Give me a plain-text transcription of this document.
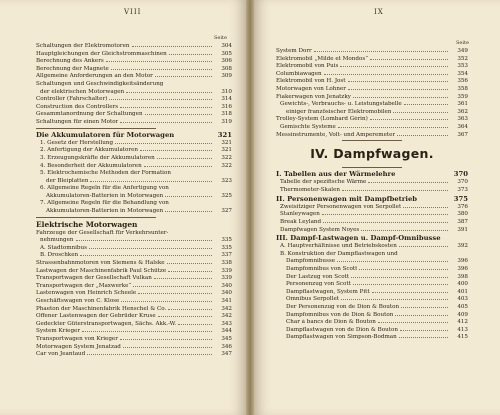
VIII
Seite
Schaltungen der Elektromotoren	304
Hauptgleichungen der Gleichstrommaschinen	305
Berechnung des Ankers	306
Berechnung der Magnete	308
Allgemeine Anforderungen an den Motor	309
Schaltungen und Geschwindigkeitsänderung
der elektrischen Motorwagen	310
Controller (Fahrschalter)	314
Construction des Controllers	316
Gesammtanordnung der Schaltungen	318
Schaltungen für einen Motor	319
Die Akkumulatoren für Motorwagen	321
1. Gesetz der Herstellung	321
2. Anfertigung der Akkumulatoren	321
3. Erzeugungskräfte der Akkumulatoren	322
4. Besonderheit der Akkumulatoren	322
5. Elektrochemische Methoden der Formation
der Bleiplatten	323
6. Allgemeine Regeln für die Anfertigung von
Akkumulatoren-Batterien in Motorwagen	325
7. Allgemeine Regeln für die Behandlung von
Akkumulatoren-Batterien in Motorwagen	327
Elektrische Motorwagen
Fahrzeuge der Gesellschaft für Verkehrsunter-
nehmungen	335
A. Stadtomnibus	335
B. Droschken	337
Strassenbahnmotoren von Siemens & Halske	338
Lastwagen der Maschinenfabrik Paul Schütze	339
Transportwagen der Gesellschaft Vulkan	339
Transportwagen der „Maxwerke“	340
Lastenwagen von Heinrich Scheele	340
Geschäftswagen von C. Klose	341
Phaeton der Maschinenfabrik Henschel & Co.	342
Offener Lastenwagen der Gebrüder Kruse	342
Gedeckter Güterstransportwagen, Sächs. Akk.-W.	343
System Krieger	344
Transportwagen von Krieger	345
Motorwagen System Jenatzad	346
Car von Jeantaud	347
IX
Seite
System Dorr	349
Elektromobil „Milde et Mondos“	352
Elektromobil von Puis	353
Columbiawagen	354
Elektromobil von H. Jost	356
Motorwagen von Lohner	358
Fiakerwagen von Jenatzky	359
Gewichts-, Verbrauchs- u. Leistungstabelle	361
einiger französischer Elektromobilen	362
Trolley-System (Lombard Gérin)	363
Gemischte Systeme	364
Messinstrumente, Volt- und Amperemeter	367
IV. Dampfwagen.
I. Tabellen aus der Wärmelehre	370
Tabelle der spezifische Wärme	370
Thermometer-Skalen	373
II. Personenwagen mit Dampfbetrieb	375
Zweisitziger Personenwagen von Serpollet	376
Stanleywagen	380
Break Leyland	387
Dampfwagen System Noyes	391
III. Dampf-Lastwagen u. Dampf-Omnibusse
A. Hauptverhältnisse und Betriebskosten	392
B. Konstruktion der Dampflastwagen und
Dampfomnibusse	396
Dampfomnibus von Scott	396
Der Lastzug von Scott	398
Personenzug von Scott	400
Dampflastwagen, System Pitt	401
Omnibus Serpollet	403
Der Personenzug von de Dion & Bouton	405
Dampfomnibus von de Dion & Bouton	409
Char à bancs de Dion & Bouton	412
Dampflastwagen von de Dion & Bouton	413
Dampflastwagen von Simpson-Bodman	415
